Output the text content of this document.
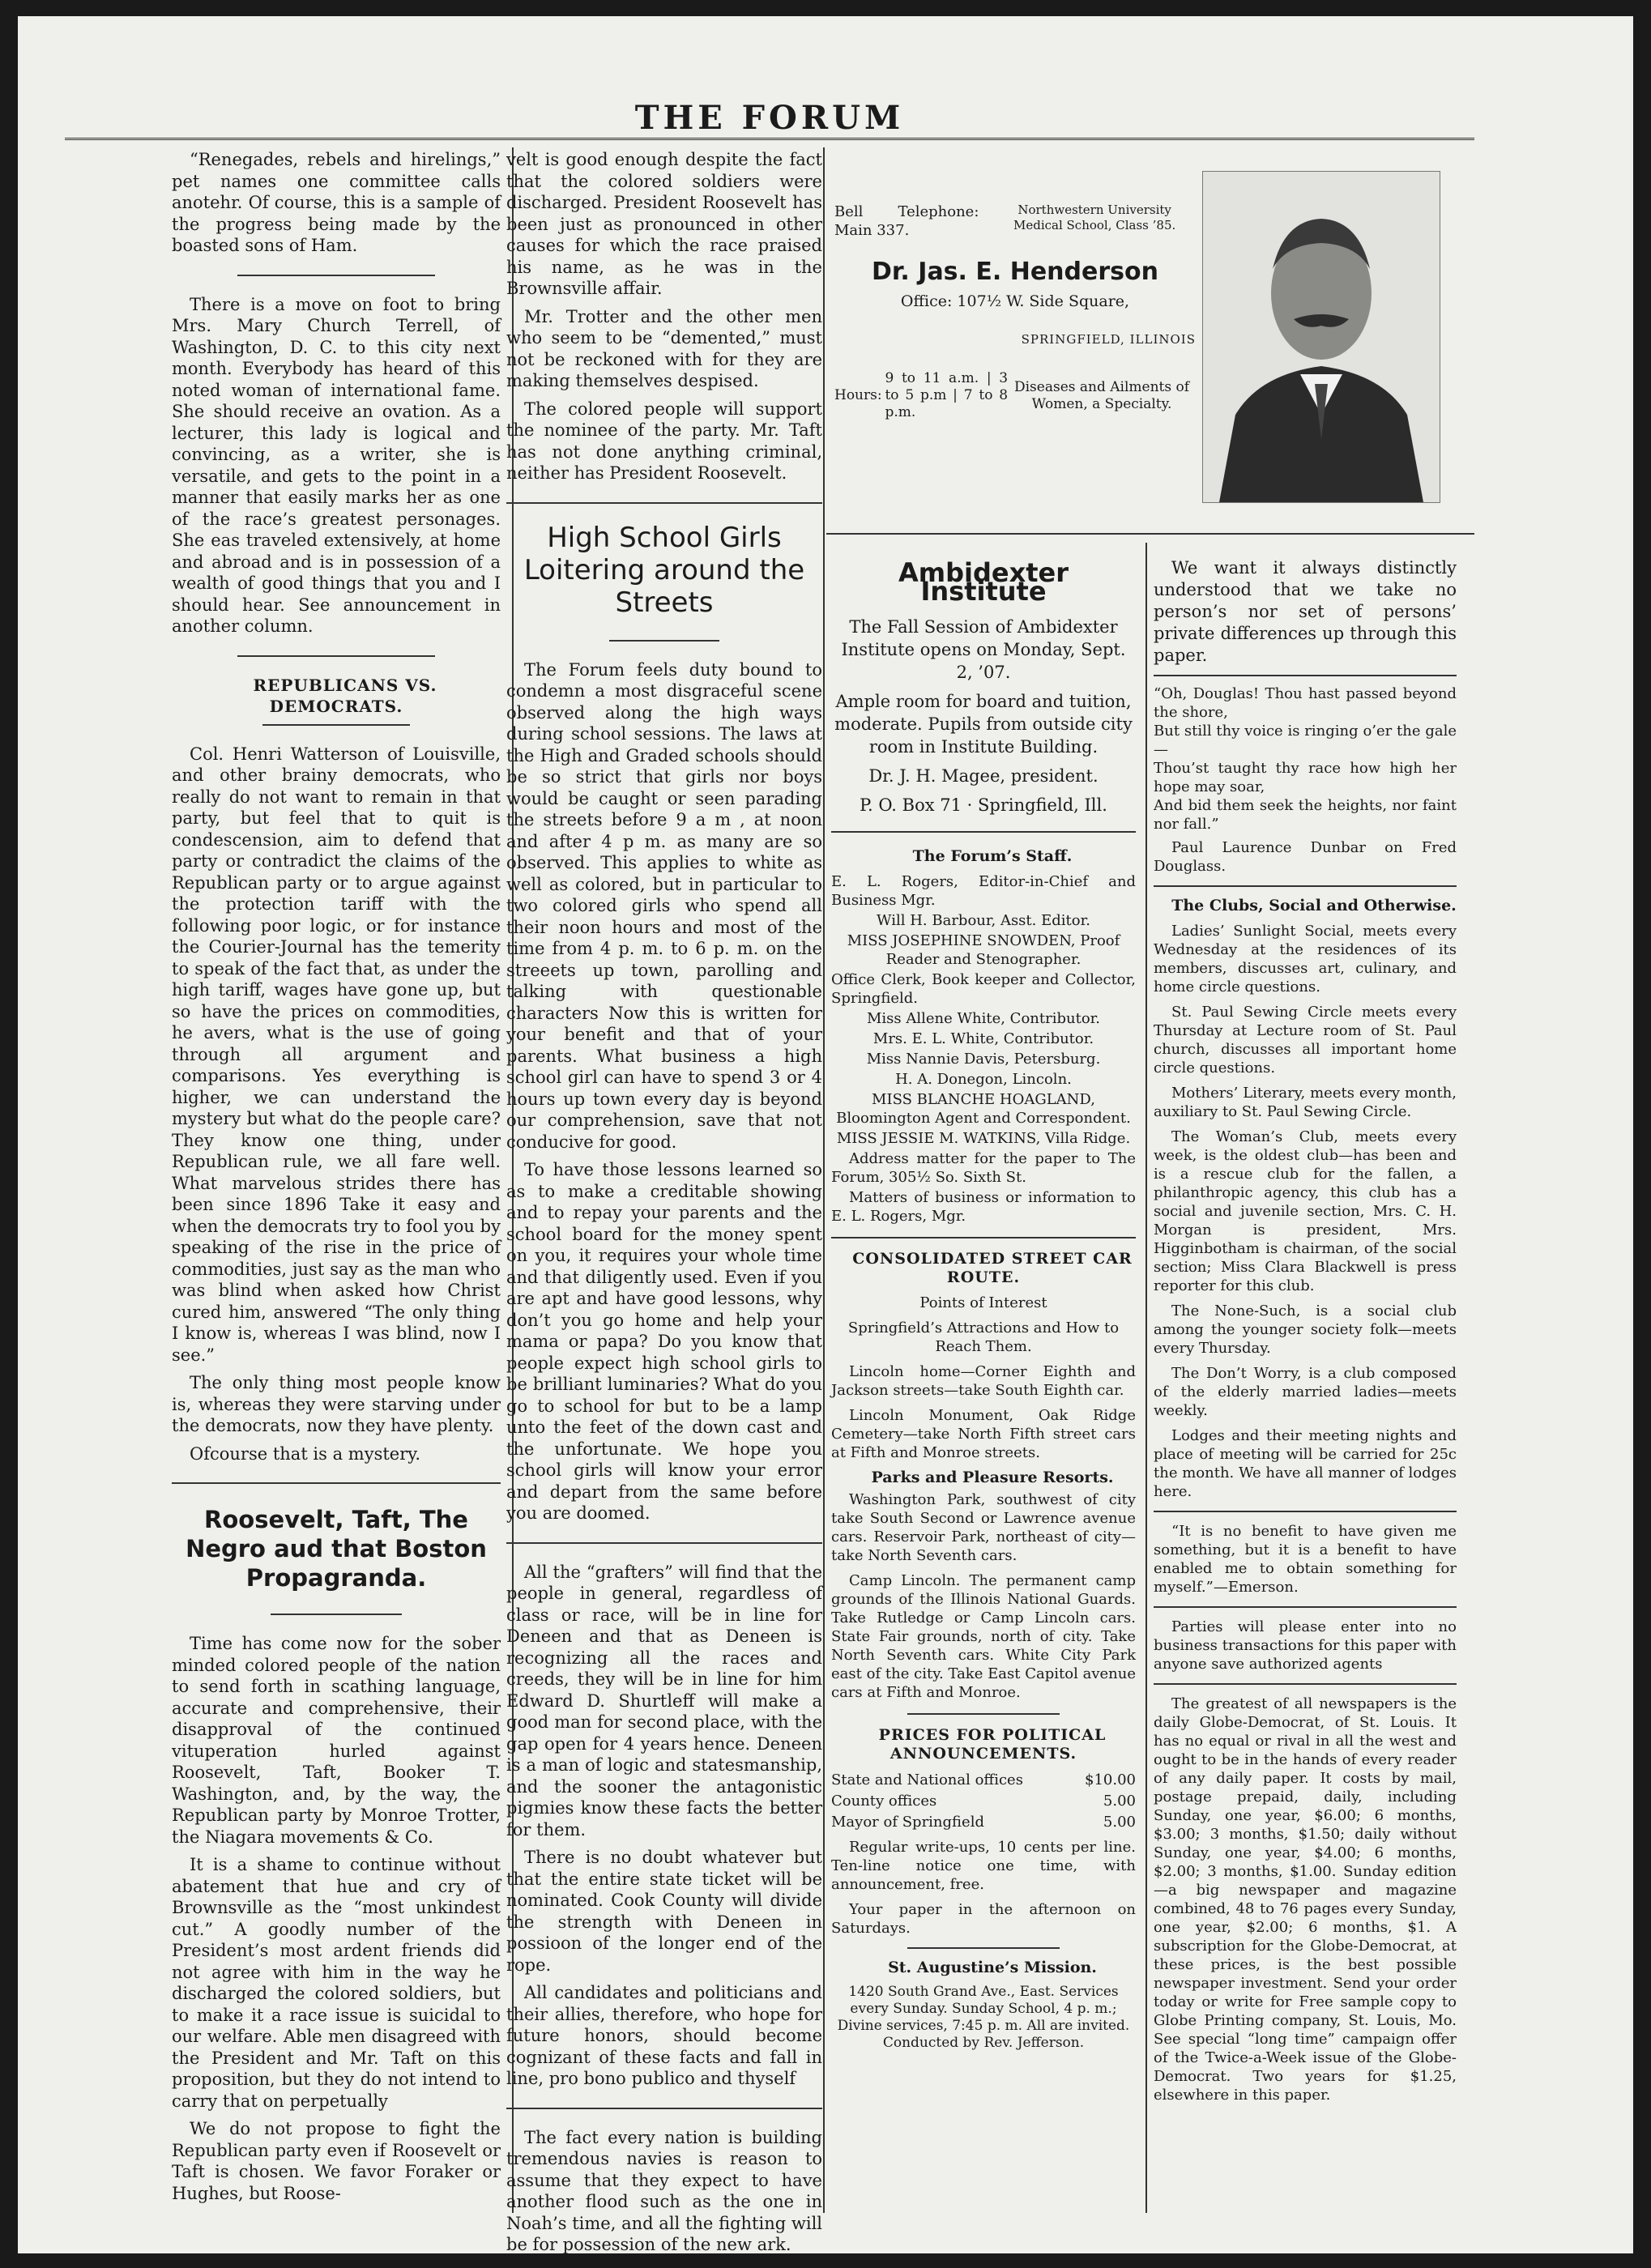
THE FORUM

“Renegades, rebels and hirelings,” pet names one committee calls anotehr. Of course, this is a sample of the progress being made by the boasted sons of Ham.

There is a move on foot to bring Mrs. Mary Church Terrell, of Washington, D. C. to this city next month. Everybody has heard of this noted woman of international fame. She should receive an ovation. As a lecturer, this lady is logical and convincing, as a writer, she is versatile, and gets to the point in a manner that easily marks her as one of the race’s greatest personages. She eas traveled extensively, at home and abroad and is in possession of a wealth of good things that you and I should hear. See announcement in another column.

REPUBLICANS VS. DEMOCRATS.

Col. Henri Watterson of Louisville, and other brainy democrats, who really do not want to remain in that party, but feel that to quit is condescension, aim to defend that party or contradict the claims of the Republican party or to argue against the protection tariff with the following poor logic, or for instance the Courier-Journal has the temerity to speak of the fact that, as under the high tariff, wages have gone up, but so have the prices on commodities, he avers, what is the use of going through all argument and comparisons. Yes everything is higher, we can understand the mystery but what do the people care? They know one thing, under Republican rule, we all fare well. What marvelous strides there has been since 1896 Take it easy and when the democrats try to fool you by speaking of the rise in the price of commodities, just say as the man who was blind when asked how Christ cured him, answered “The only thing I know is, whereas I was blind, now I see.”

The only thing most people know is, whereas they were starving under the democrats, now they have plenty.

Ofcourse that is a mystery.

Roosevelt, Taft, The Negro aud that Boston Propagranda.

Time has come now for the sober minded colored people of the nation to send forth in scathing language, accurate and comprehensive, their disapproval of the continued vituperation hurled against Roosevelt, Taft, Booker T. Washington, and, by the way, the Republican party by Monroe Trotter, the Niagara movements & Co.

It is a shame to continue without abatement that hue and cry of Brownsville as the “most unkindest cut.” A goodly number of the President’s most ardent friends did not agree with him in the way he discharged the colored soldiers, but to make it a race issue is suicidal to our welfare. Able men disagreed with the President and Mr. Taft on this proposition, but they do not intend to carry that on perpetually

We do not propose to fight the Republican party even if Roosevelt or Taft is chosen. We favor Foraker or Hughes, but Roose-

velt is good enough despite the fact that the colored soldiers were discharged. President Roosevelt has been just as pronounced in other causes for which the race praised his name, as he was in the Brownsville affair.

Mr. Trotter and the other men who seem to be “demented,” must not be reckoned with for they are making themselves despised.

The colored people will support the nominee of the party. Mr. Taft has not done anything criminal, neither has President Roosevelt.

High School Girls Loitering around the Streets

The Forum feels duty bound to condemn a most disgraceful scene observed along the high ways during school sessions. The laws at the High and Graded schools should be so strict that girls nor boys would be caught or seen parading the streets before 9 a m , at noon and after 4 p m. as many are so observed. This applies to white as well as colored, but in particular to two colored girls who spend all their noon hours and most of the time from 4 p. m. to 6 p. m. on the streeets up town, parolling and talking with questionable characters Now this is written for your benefit and that of your parents. What business a high school girl can have to spend 3 or 4 hours up town every day is beyond our comprehension, save that not conducive for good.

To have those lessons learned so as to make a creditable showing and to repay your parents and the school board for the money spent on you, it requires your whole time and that diligently used. Even if you are apt and have good lessons, why don’t you go home and help your mama or papa? Do you know that people expect high school girls to be brilliant luminaries? What do you go to school for but to be a lamp unto the feet of the down cast and the unfortunate. We hope you school girls will know your error and depart from the same before you are doomed.

All the “grafters” will find that the people in general, regardless of class or race, will be in line for Deneen and that as Deneen is recognizing all the races and creeds, they will be in line for him Edward D. Shurtleff will make a good man for second place, with the gap open for 4 years hence. Deneen is a man of logic and statesmanship, and the sooner the antagonistic pigmies know these facts the better for them.

There is no doubt whatever but that the entire state ticket will be nominated. Cook County will divide the strength with Deneen in possioon of the longer end of the rope.

All candidates and politicians and their allies, therefore, who hope for future honors, should become cognizant of these facts and fall in line, pro bono publico and thyself

The fact every nation is building tremendous navies is reason to assume that they expect to have another flood such as the one in Noah’s time, and all the fighting will be for possession of the new ark.

Bell Telephone: Main 337.
Northwestern University Medical School, Class ’85.
Dr. Jas. E. Henderson
Office: 107½ W. Side Square,
SPRINGFIELD, ILLINOIS
Hours:
9 to 11 a.m. | 3 to 5 p.m | 7 to 8 p.m.
Diseases and Ailments of Women, a Specialty.
Ambidexter Institute

The Fall Session of Ambidexter Institute opens on Monday, Sept. 2, ’07.

Ample room for board and tuition, moderate. Pupils from outside city room in Institute Building.

Dr. J. H. Magee, president.

P. O. Box 71 · Springfield, Ill.

The Forum’s Staff.

E. L. Rogers, Editor-in-Chief and Business Mgr.

Will H. Barbour, Asst. Editor.

MISS JOSEPHINE SNOWDEN, Proof Reader and Stenographer.

Office Clerk, Book keeper and Collector, Springfield.

Miss Allene White, Contributor.

Mrs. E. L. White, Contributor.

Miss Nannie Davis, Petersburg.

H. A. Donegon, Lincoln.

MISS BLANCHE HOAGLAND, Bloomington Agent and Correspondent.

MISS JESSIE M. WATKINS, Villa Ridge.

Address matter for the paper to The Forum, 305½ So. Sixth St.

Matters of business or information to E. L. Rogers, Mgr.

CONSOLIDATED STREET CAR ROUTE.

Points of Interest

Springfield’s Attractions and How to Reach Them.

Lincoln home—Corner Eighth and Jackson streets—take South Eighth car.

Lincoln Monument, Oak Ridge Cemetery—take North Fifth street cars at Fifth and Monroe streets.

Parks and Pleasure Resorts.

Washington Park, southwest of city take South Second or Lawrence avenue cars. Reservoir Park, northeast of city—take North Seventh cars.

Camp Lincoln. The permanent camp grounds of the Illinois National Guards. Take Rutledge or Camp Lincoln cars. State Fair grounds, north of city. Take North Seventh cars. White City Park east of the city. Take East Capitol avenue cars at Fifth and Monroe.

PRICES FOR POLITICAL ANNOUNCEMENTS.

State and National offices	$10.00
County offices	5.00
Mayor of Springfield	5.00

Regular write-ups, 10 cents per line. Ten-line notice one time, with announcement, free.

Your paper in the afternoon on Saturdays.

St. Augustine’s Mission.

1420 South Grand Ave., East. Services every Sunday. Sunday School, 4 p. m.; Divine services, 7:45 p. m. All are invited. Conducted by Rev. Jefferson.

We want it always distinctly understood that we take no person’s nor set of persons’ private differences up through this paper.

“Oh, Douglas! Thou hast passed beyond the shore,

But still thy voice is ringing o’er the gale—

Thou’st taught thy race how high her hope may soar,

And bid them seek the heights, nor faint nor fall.”

Paul Laurence Dunbar on Fred Douglass.

The Clubs, Social and Otherwise.

Ladies’ Sunlight Social, meets every Wednesday at the residences of its members, discusses art, culinary, and home circle questions.

St. Paul Sewing Circle meets every Thursday at Lecture room of St. Paul church, discusses all important home circle questions.

Mothers’ Literary, meets every month, auxiliary to St. Paul Sewing Circle.

The Woman’s Club, meets every week, is the oldest club—has been and is a rescue club for the fallen, a philanthropic agency, this club has a social and juvenile section, Mrs. C. H. Morgan is president, Mrs. Higginbotham is chairman, of the social section; Miss Clara Blackwell is press reporter for this club.

The None-Such, is a social club among the younger society folk—meets every Thursday.

The Don’t Worry, is a club composed of the elderly married ladies—meets weekly.

Lodges and their meeting nights and place of meeting will be carried for 25c the month. We have all manner of lodges here.

“It is no benefit to have given me something, but it is a benefit to have enabled me to obtain something for myself.”—Emerson.

Parties will please enter into no business transactions for this paper with anyone save authorized agents

The greatest of all newspapers is the daily Globe-Democrat, of St. Louis. It has no equal or rival in all the west and ought to be in the hands of every reader of any daily paper. It costs by mail, postage prepaid, daily, including Sunday, one year, $6.00; 6 months, $3.00; 3 months, $1.50; daily without Sunday, one year, $4.00; 6 months, $2.00; 3 months, $1.00. Sunday edition—a big newspaper and magazine combined, 48 to 76 pages every Sunday, one year, $2.00; 6 months, $1. A subscription for the Globe-Democrat, at these prices, is the best possible newspaper investment. Send your order today or write for Free sample copy to Globe Printing company, St. Louis, Mo. See special “long time” campaign offer of the Twice-a-Week issue of the Globe-Democrat. Two years for $1.25, elsewhere in this paper.
